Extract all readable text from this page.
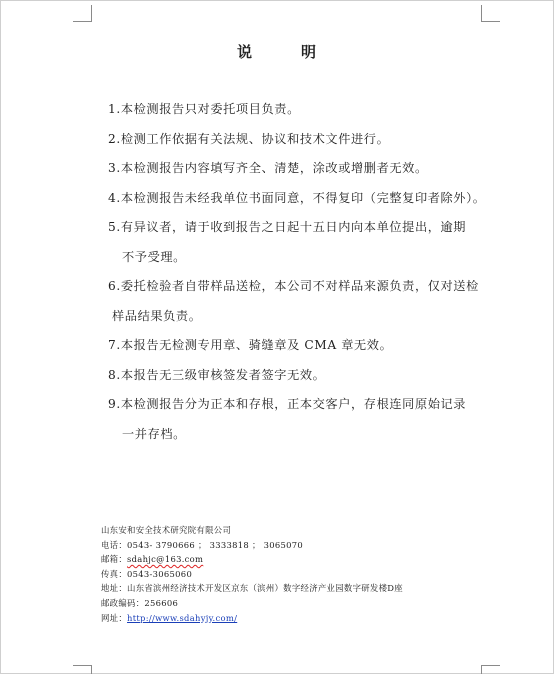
说	明
1.本检测报告只对委托项目负责。
2.检测工作依据有关法规、协议和技术文件进行。
3.本检测报告内容填写齐全、清楚，涂改或增删者无效。
4.本检测报告未经我单位书面同意，不得复印（完整复印者除外）。
5.有异议者，请于收到报告之日起十五日内向本单位提出，逾期
不予受理。
6.委托检验者自带样品送检，本公司不对样品来源负责，仅对送检
样品结果负责。
7.本报告无检测专用章、骑缝章及 CMA 章无效。
8.本报告无三级审核签发者签字无效。
9.本检测报告分为正本和存根，正本交客户，存根连同原始记录
一并存档。
山东安和安全技术研究院有限公司
电话：0543- 3790666 ； 3333818 ； 3065070
邮箱：sdahjc@163.com
传真：0543-3065060
地址：山东省滨州经济技术开发区京东（滨州）数字经济产业园数字研发楼D座
邮政编码：256606
网址：http://www.sdahyjy.com/
